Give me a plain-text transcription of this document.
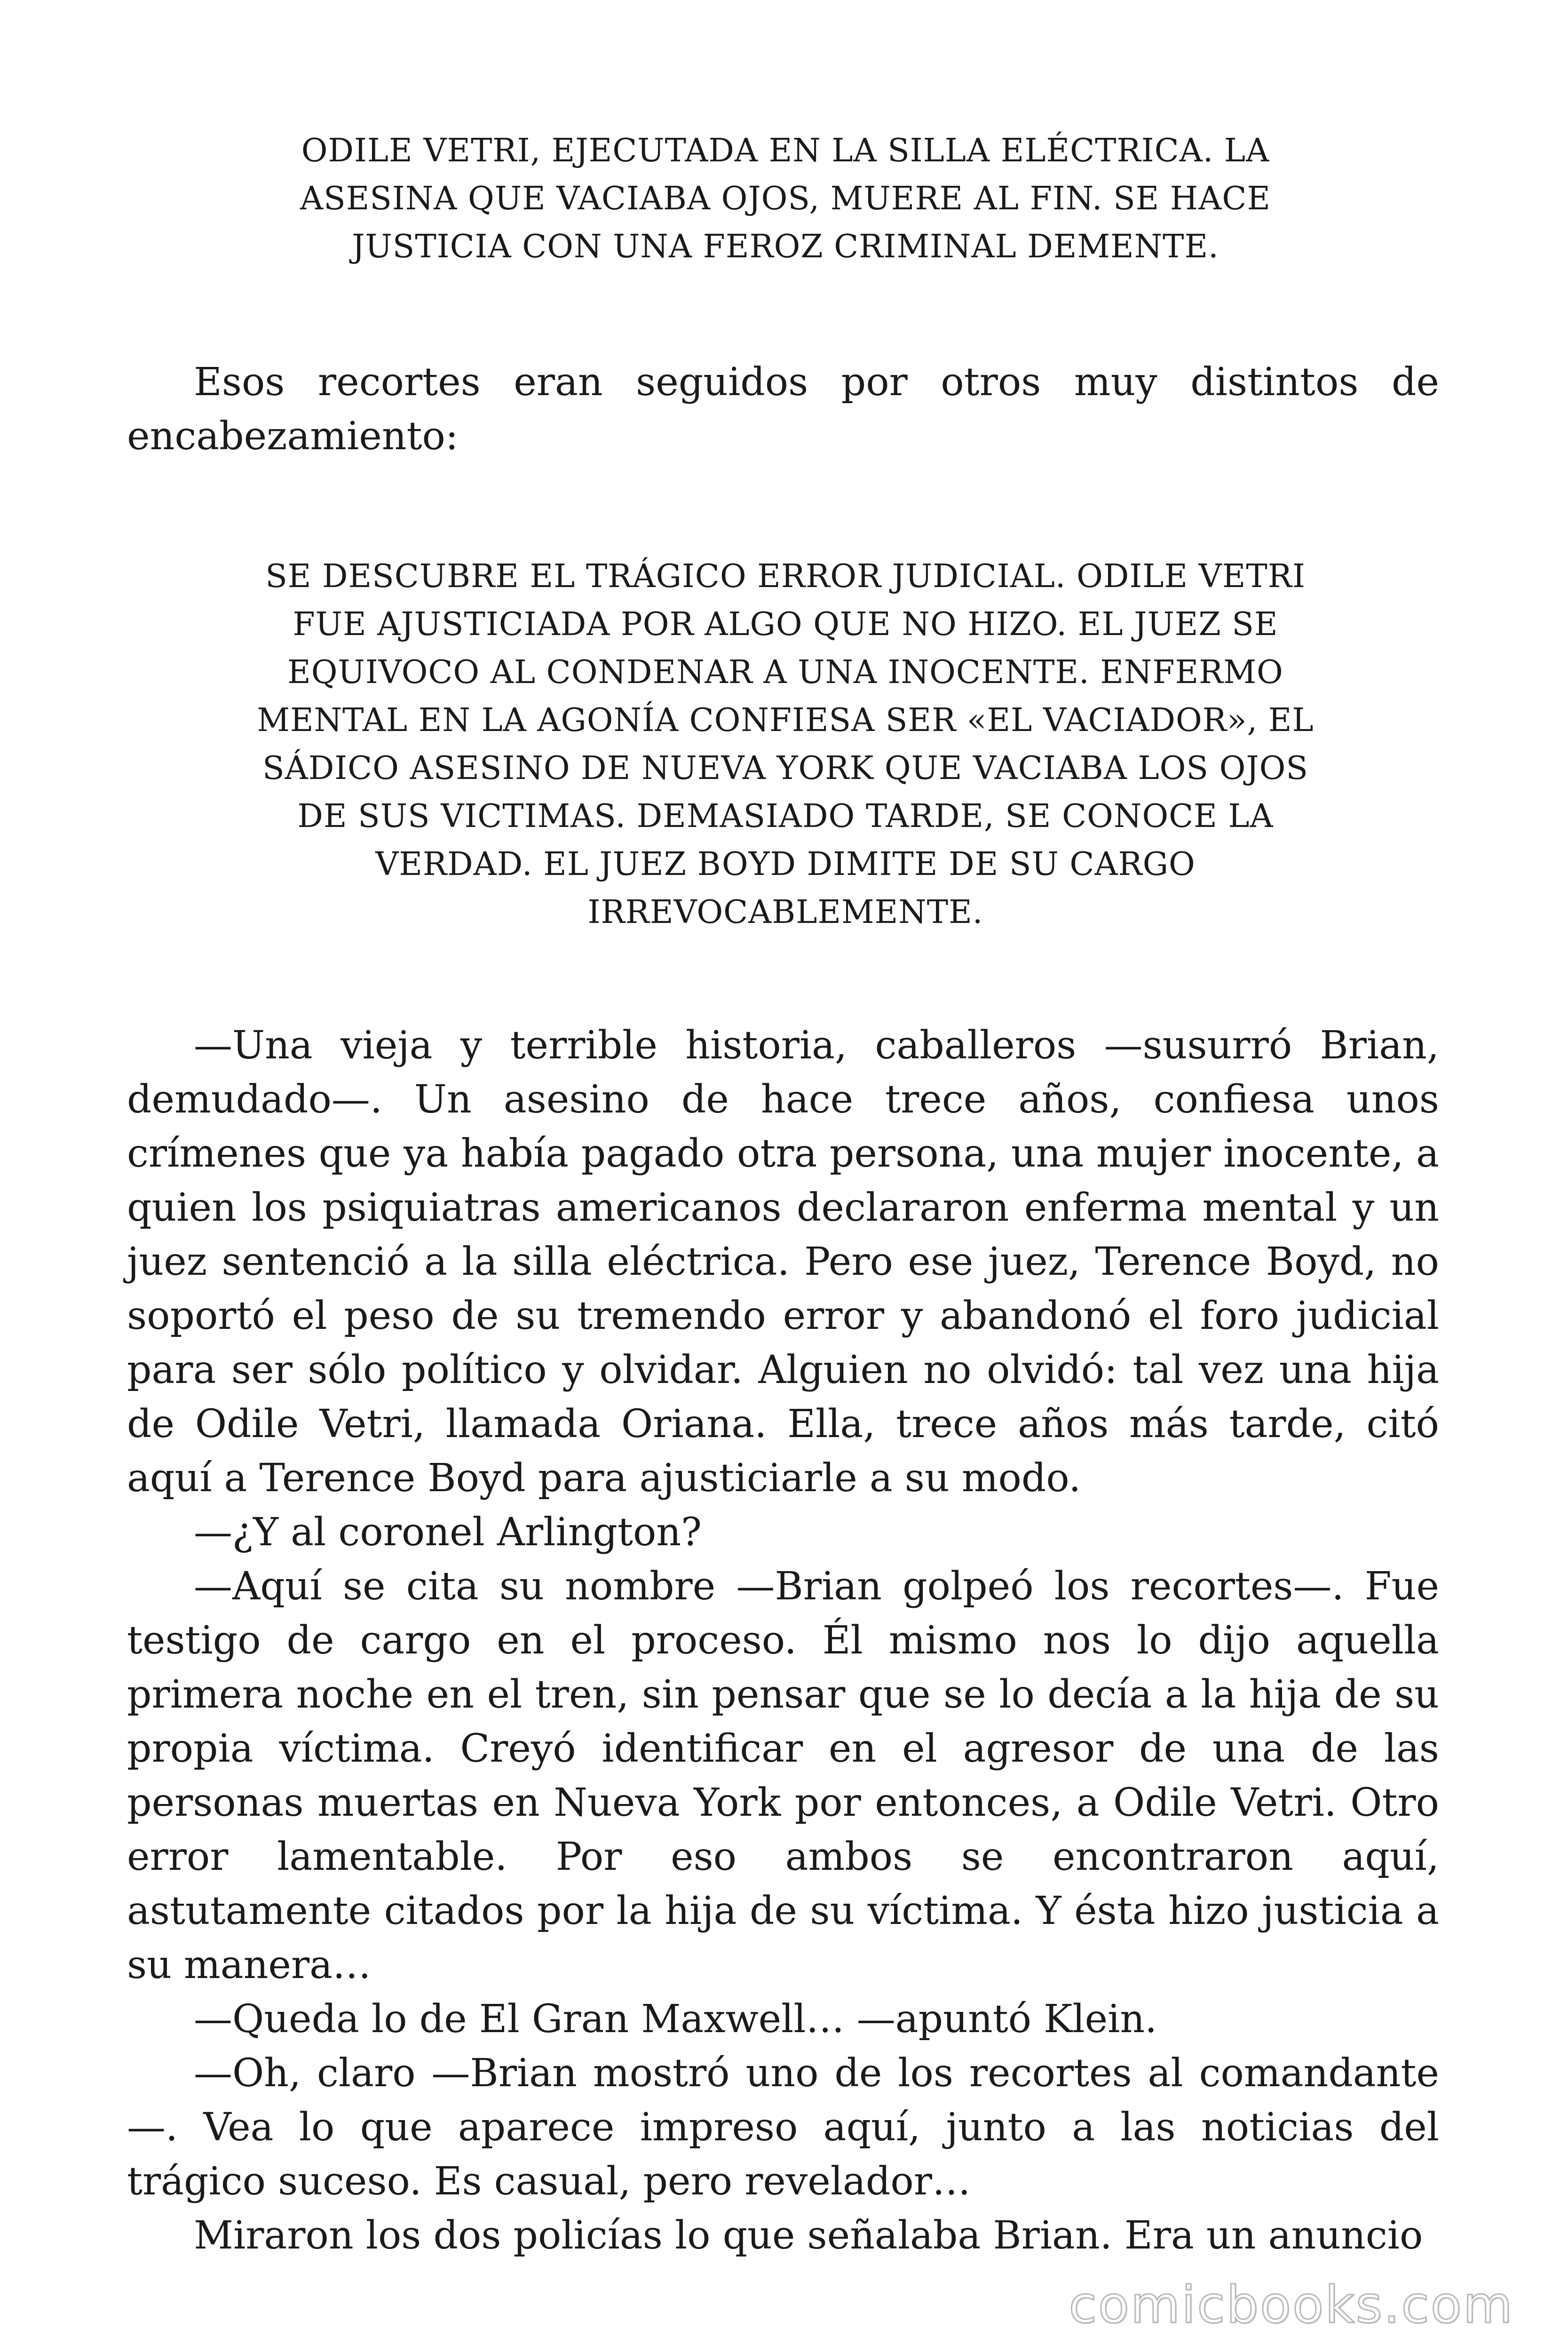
ODILE VETRI, EJECUTADA EN LA SILLA ELÉCTRICA. LA
ASESINA QUE VACIABA OJOS, MUERE AL FIN. SE HACE
JUSTICIA CON UNA FEROZ CRIMINAL DEMENTE.

Esos recortes eran seguidos por otros muy distintos de encabezamiento:

SE DESCUBRE EL TRÁGICO ERROR JUDICIAL. ODILE VETRI
FUE AJUSTICIADA POR ALGO QUE NO HIZO. EL JUEZ SE
EQUIVOCO AL CONDENAR A UNA INOCENTE. ENFERMO
MENTAL EN LA AGONÍA CONFIESA SER «EL VACIADOR», EL
SÁDICO ASESINO DE NUEVA YORK QUE VACIABA LOS OJOS
DE SUS VICTIMAS. DEMASIADO TARDE, SE CONOCE LA
VERDAD. EL JUEZ BOYD DIMITE DE SU CARGO
IRREVOCABLEMENTE.

—Una vieja y terrible historia, caballeros —susurró Brian, demudado—. Un asesino de hace trece años, confiesa unos crímenes que ya había pagado otra persona, una mujer inocente, a quien los psiquiatras americanos declararon enferma mental y un juez sentenció a la silla eléctrica. Pero ese juez, Terence Boyd, no soportó el peso de su tremendo error y abandonó el foro judicial para ser sólo político y olvidar. Alguien no olvidó: tal vez una hija de Odile Vetri, llamada Oriana. Ella, trece años más tarde, citó aquí a Terence Boyd para ajusticiarle a su modo.

—¿Y al coronel Arlington?

—Aquí se cita su nombre —Brian golpeó los recortes—. Fue testigo de cargo en el proceso. Él mismo nos lo dijo aquella primera noche en el tren, sin pensar que se lo decía a la hija de su propia víctima. Creyó identificar en el agresor de una de las personas muertas en Nueva York por entonces, a Odile Vetri. Otro error lamentable. Por eso ambos se encontraron aquí, astutamente citados por la hija de su víctima. Y ésta hizo justicia a su manera…

—Queda lo de El Gran Maxwell… —apuntó Klein.

—Oh, claro —Brian mostró uno de los recortes al comandante—. Vea lo que aparece impreso aquí, junto a las noticias del trágico suceso. Es casual, pero revelador…

Miraron los dos policías lo que señalaba Brian. Era un anuncio

comicbooks.com
